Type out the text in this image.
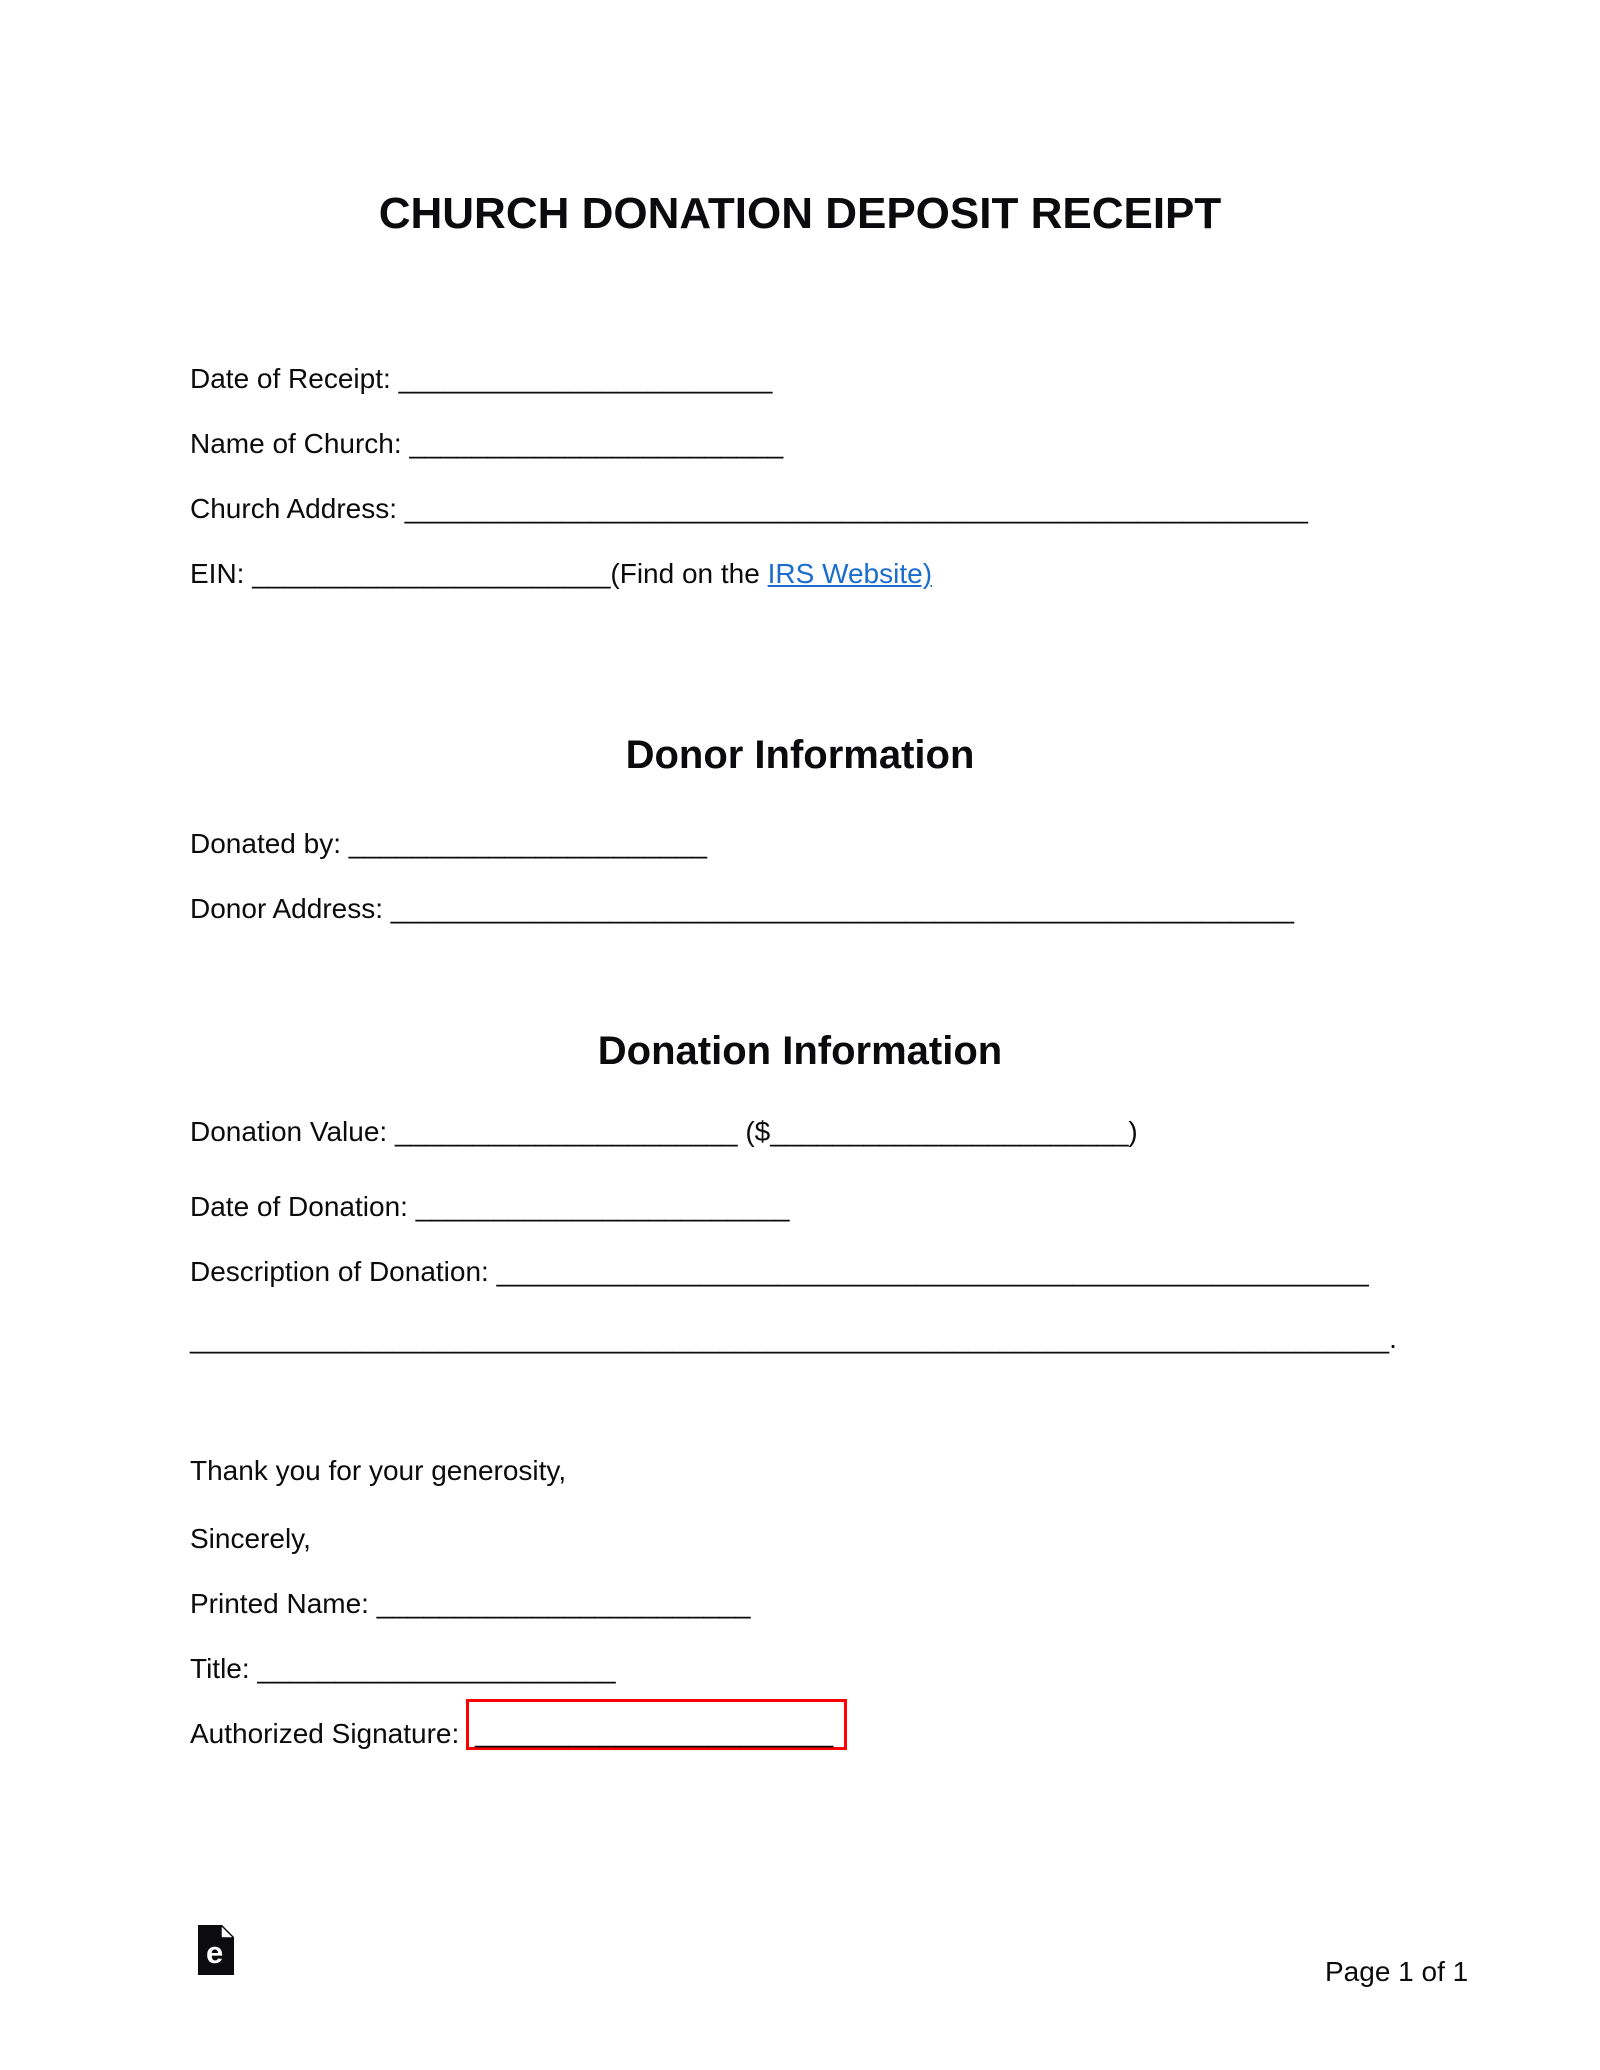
CHURCH DONATION DEPOSIT RECEIPT
Date of Receipt: ________________________
Name of Church: ________________________
Church Address: __________________________________________________________
EIN: _______________________(Find on the IRS Website)
Donor Information
Donated by: _______________________
Donor Address: __________________________________________________________
Donation Information
Donation Value: ______________________ ($_______________________)
Date of Donation: ________________________
Description of Donation: ________________________________________________________
_____________________________________________________________________________.
Thank you for your generosity,
Sincerely,
Printed Name: ________________________
Title: _______________________
Authorized Signature: _______________________
e
Page 1 of 1
